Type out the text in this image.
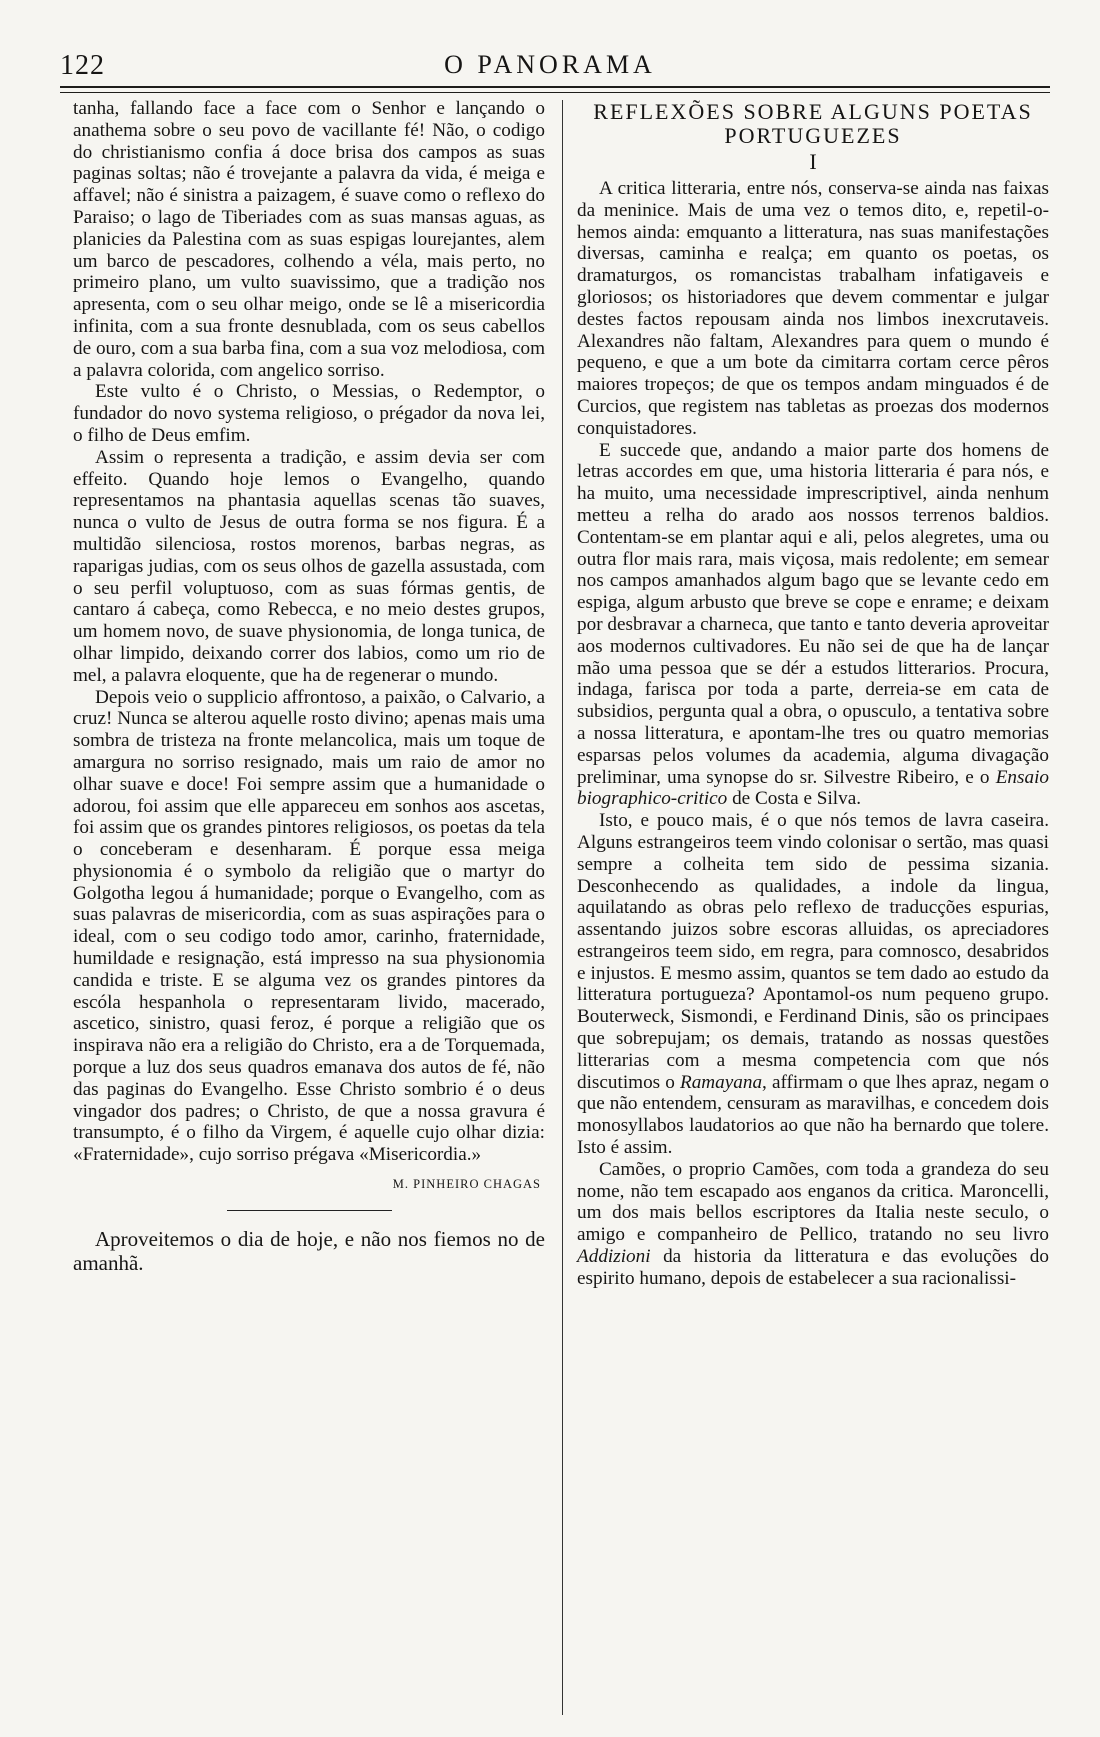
122	O PANORAMA

tanha, fallando face a face com o Senhor e lançando o anathema sobre o seu povo de vacillante fé! Não, o codigo do christianismo confia á doce brisa dos campos as suas paginas soltas; não é trovejante a palavra da vida, é meiga e affavel; não é sinistra a paizagem, é suave como o reflexo do Paraiso; o lago de Tiberiades com as suas mansas aguas, as planicies da Palestina com as suas espigas lourejantes, alem um barco de pescadores, colhendo a véla, mais perto, no primeiro plano, um vulto suavissimo, que a tradição nos apresenta, com o seu olhar meigo, onde se lê a misericordia infinita, com a sua fronte desnublada, com os seus cabellos de ouro, com a sua barba fina, com a sua voz melodiosa, com a palavra colorida, com angelico sorriso.

Este vulto é o Christo, o Messias, o Redemptor, o fundador do novo systema religioso, o prégador da nova lei, o filho de Deus emfim.

Assim o representa a tradição, e assim devia ser com effeito. Quando hoje lemos o Evangelho, quando representamos na phantasia aquellas scenas tão suaves, nunca o vulto de Jesus de outra forma se nos figura. É a multidão silenciosa, rostos morenos, barbas negras, as raparigas judias, com os seus olhos de gazella assustada, com o seu perfil voluptuoso, com as suas fórmas gentis, de cantaro á cabeça, como Rebecca, e no meio destes grupos, um homem novo, de suave physionomia, de longa tunica, de olhar limpido, deixando correr dos labios, como um rio de mel, a palavra eloquente, que ha de regenerar o mundo.

Depois veio o supplicio affrontoso, a paixão, o Calvario, a cruz! Nunca se alterou aquelle rosto divino; apenas mais uma sombra de tristeza na fronte melancolica, mais um toque de amargura no sorriso resignado, mais um raio de amor no olhar suave e doce! Foi sempre assim que a humanidade o adorou, foi assim que elle appareceu em sonhos aos ascetas, foi assim que os grandes pintores religiosos, os poetas da tela o conceberam e desenharam. É porque essa meiga physionomia é o symbolo da religião que o martyr do Golgotha legou á humanidade; porque o Evangelho, com as suas palavras de misericordia, com as suas aspirações para o ideal, com o seu codigo todo amor, carinho, fraternidade, humildade e resignação, está impresso na sua physionomia candida e triste. E se alguma vez os grandes pintores da escóla hespanhola o representaram livido, macerado, ascetico, sinistro, quasi feroz, é porque a religião que os inspirava não era a religião do Christo, era a de Torquemada, porque a luz dos seus quadros emanava dos autos de fé, não das paginas do Evangelho. Esse Christo sombrio é o deus vingador dos padres; o Christo, de que a nossa gravura é transumpto, é o filho da Virgem, é aquelle cujo olhar dizia: «Fraternidade», cujo sorriso prégava «Misericordia.»

M. PINHEIRO CHAGAS

Aproveitemos o dia de hoje, e não nos fiemos no de amanhã.

REFLEXÕES SOBRE ALGUNS POETAS PORTUGUEZES
I

A critica litteraria, entre nós, conserva-se ainda nas faixas da meninice. Mais de uma vez o temos dito, e, repetil-o-hemos ainda: emquanto a litteratura, nas suas manifestações diversas, caminha e realça; em quanto os poetas, os dramaturgos, os romancistas trabalham infatigaveis e gloriosos; os historiadores que devem commentar e julgar destes factos repousam ainda nos limbos inexcrutaveis. Alexandres não faltam, Alexandres para quem o mundo é pequeno, e que a um bote da cimitarra cortam cerce pêros maiores tropeços; de que os tempos andam minguados é de Curcios, que registem nas tabletas as proezas dos modernos conquistadores.

E succede que, andando a maior parte dos homens de letras accordes em que, uma historia litteraria é para nós, e ha muito, uma necessidade imprescriptivel, ainda nenhum metteu a relha do arado aos nossos terrenos baldios. Contentam-se em plantar aqui e ali, pelos alegretes, uma ou outra flor mais rara, mais viçosa, mais redolente; em semear nos campos amanhados algum bago que se levante cedo em espiga, algum arbusto que breve se cope e enrame; e deixam por desbravar a charneca, que tanto e tanto deveria aproveitar aos modernos cultivadores. Eu não sei de que ha de lançar mão uma pessoa que se dér a estudos litterarios. Procura, indaga, farisca por toda a parte, derreia-se em cata de subsidios, pergunta qual a obra, o opusculo, a tentativa sobre a nossa litteratura, e apontam-lhe tres ou quatro memorias esparsas pelos volumes da academia, alguma divagação preliminar, uma synopse do sr. Silvestre Ribeiro, e o Ensaio biographico-critico de Costa e Silva.

Isto, e pouco mais, é o que nós temos de lavra caseira. Alguns estrangeiros teem vindo colonisar o sertão, mas quasi sempre a colheita tem sido de pessima sizania. Desconhecendo as qualidades, a indole da lingua, aquilatando as obras pelo reflexo de traducções espurias, assentando juizos sobre escoras alluidas, os apreciadores estrangeiros teem sido, em regra, para comnosco, desabridos e injustos. E mesmo assim, quantos se tem dado ao estudo da litteratura portugueza? Apontamol-os num pequeno grupo. Bouterweck, Sismondi, e Ferdinand Dinis, são os principaes que sobrepujam; os demais, tratando as nossas questões litterarias com a mesma competencia com que nós discutimos o Ramayana, affirmam o que lhes apraz, negam o que não entendem, censuram as maravilhas, e concedem dois monosyllabos laudatorios ao que não ha bernardo que tolere. Isto é assim.

Camões, o proprio Camões, com toda a grandeza do seu nome, não tem escapado aos enganos da critica. Maroncelli, um dos mais bellos escriptores da Italia neste seculo, o amigo e companheiro de Pellico, tratando no seu livro Addizioni da historia da litteratura e das evoluções do espirito humano, depois de estabelecer a sua racionalissi-
